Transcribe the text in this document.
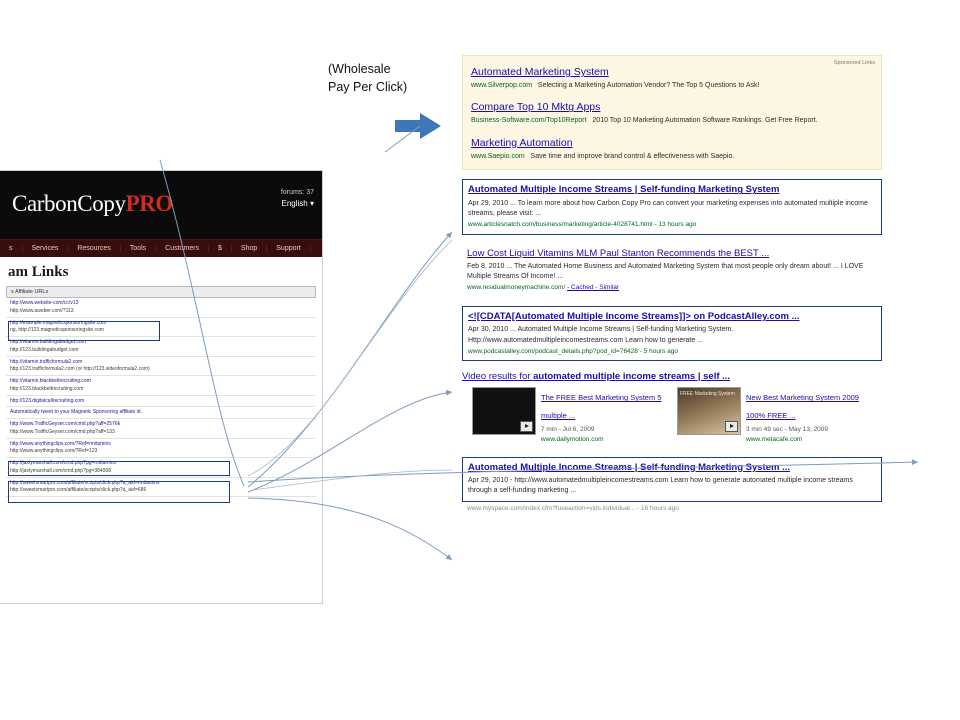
(Wholesale
Pay Per Click)
CarbonCopyPRO	forums: 37
English ▾
s	Services	Resources	Tools	Customers	$	Shop	Support
am Links
s Affiliate URLs
http://www.website-com/cc/v13
http://www.aweber.com/?113
http://example.magneticsponsoringsite.com
ng, http://123.magneticsponsoringsite.com
http://vitamin.buildingabudget.com
http://123.buildingabudget.com
http://vitamin.trafficformula2.com
http://123.trafficformula2.com (or http://123.videoformula2.com)
http://vitamin.blackbeltrecruiting.com
http://123.blackbeltrecruiting.com
http://123.digitalcallrecruiting.com
Automatically tweet to your Magnetic Sponsoring affiliate id.
http://www.TrafficGeyser.com/cmd.php?aff=2576k
http://www.TrafficGeyser.com/cmd.php?aff=133
http://www.anythingclips.com/?Ref=rmitamins
http://www.anythingclips.com/?Ref=123
http://jaxtymarshall.com/cmd.php?pg=rmitamins
http://jaxtymarshall.com/cmd.php?pg=384908
http://sweetsmartpro.com/affiliate/scripts/click.php?a_aid=rmitamins
http://sweetsmartpro.com/affiliate/scripts/click.php?a_aid=686
Sponsored Links
Automated Marketing System
www.Silverpop.com Selecting a Marketing Automation Vendor? The Top 5 Questions to Ask!
Compare Top 10 Mktg Apps
Business-Software.com/Top10Report 2010 Top 10 Marketing Automation Software Rankings. Get Free Report.
Marketing Automation
www.Saepio.com Save time and improve brand control & effectiveness with Saepio.
Automated Multiple Income Streams | Self-funding Marketing System
Apr 29, 2010 ... To learn more about how Carbon Copy Pro can convert your marketing expenses into automated multiple income streams, please visit: ...
www.articlesnatch.com/business/marketing/article-4028741.html - 13 hours ago
Low Cost Liquid Vitamins MLM Paul Stanton Recommends the BEST ...
Feb 8, 2010 ... The Automated Home Business and Automated Marketing System that most people only dream about! ... I LOVE Multiple Streams Of Income! ...
www.residualmoneymachine.com/ - Cached - Similar
<![CDATA[Automated Multiple Income Streams]]> on PodcastAlley.com ...
Apr 30, 2010 ... Automated Multiple Income Streams | Self-funding Marketing System. Http://www.automatedmultipleincomestreams.com Learn how to generate ...
www.podcastalley.com/podcast_details.php?pod_id=76428 - 5 hours ago
Video results for automated multiple income streams | self ...
The FREE Best Marketing System 5 multiple ...
7 min - Jul 6, 2009
www.dailymotion.com
FREE Marketing System New Best Marketing System 2009 100% FREE ...
3 min 49 sec - May 13, 2009
www.metacafe.com
Automated Multiple Income Streams | Self-funding Marketing System ...
Apr 29, 2010 - http://www.automatedmultipleincomestreams.com Learn how to generate automated multiple income streams through a self-funding marketing ...
www.myspace.com/index.cfm?fuseaction=vids.individual... - 16 hours ago
